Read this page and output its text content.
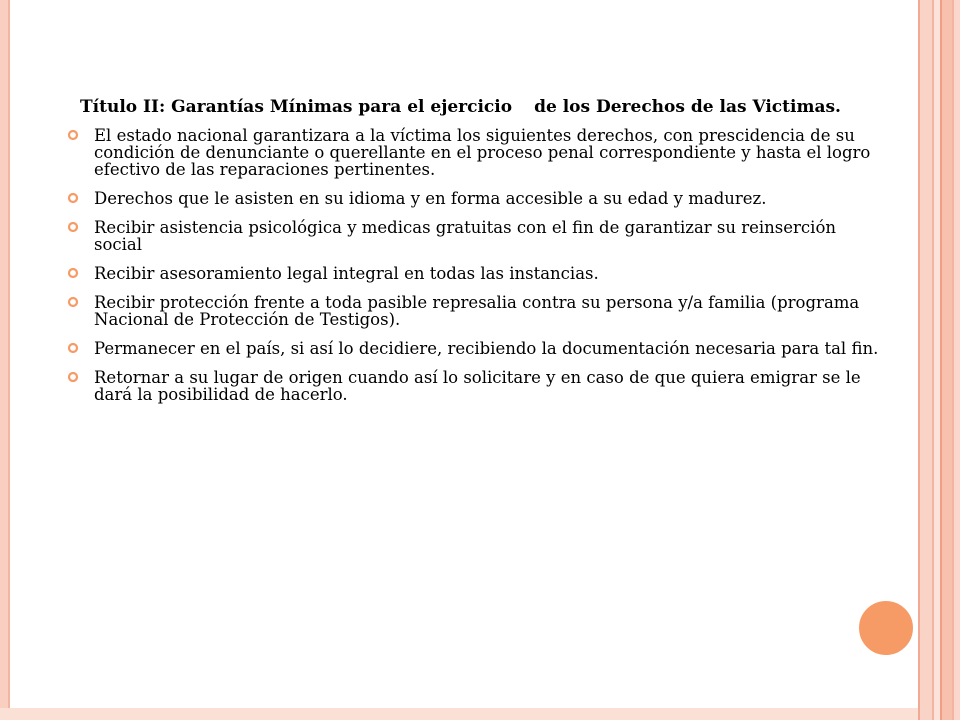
Título II: Garantías Mínimas para el ejercicio de los Derechos de las Victimas.

El estado nacional garantizara a la víctima los siguientes derechos, con prescidencia de su condición de denunciante o querellante en el proceso penal correspondiente y hasta el logro efectivo de las reparaciones pertinentes.
Derechos que le asisten en su idioma y en forma accesible a su edad y madurez.
Recibir asistencia psicológica y medicas gratuitas con el fin de garantizar su reinserción social
Recibir asesoramiento legal integral en todas las instancias.
Recibir protección frente a toda pasible represalia contra su persona y/a familia (programa Nacional de Protección de Testigos).
Permanecer en el país, si así lo decidiere, recibiendo la documentación necesaria para tal fin.
Retornar a su lugar de origen cuando así lo solicitare y en caso de que quiera emigrar se le dará la posibilidad de hacerlo.
